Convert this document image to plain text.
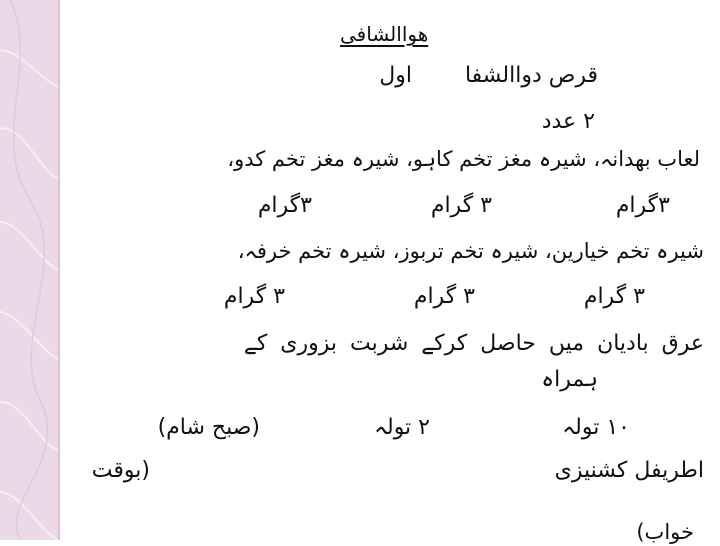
هواالشافی
قرص دواالشفا
اول
۲ عدد
لعاب بهدانہ، شیرہ مغز تخم کاہو، شیرہ مغز تخم کدو،
۳گرام
۳ گرام
۳گرام
شیرہ تخم خیارین، شیرہ تخم تربوز، شیرہ تخم خرفہ،
۳ گرام
۳ گرام
۳ گرام
عرق بادیان میں حاصل کرکے شربت بزوری کے
ہمراہ
۱۰ تولہ
۲ تولہ
(صبح شام)
اطریفل کشنیزی
(بوقت
خواب)
